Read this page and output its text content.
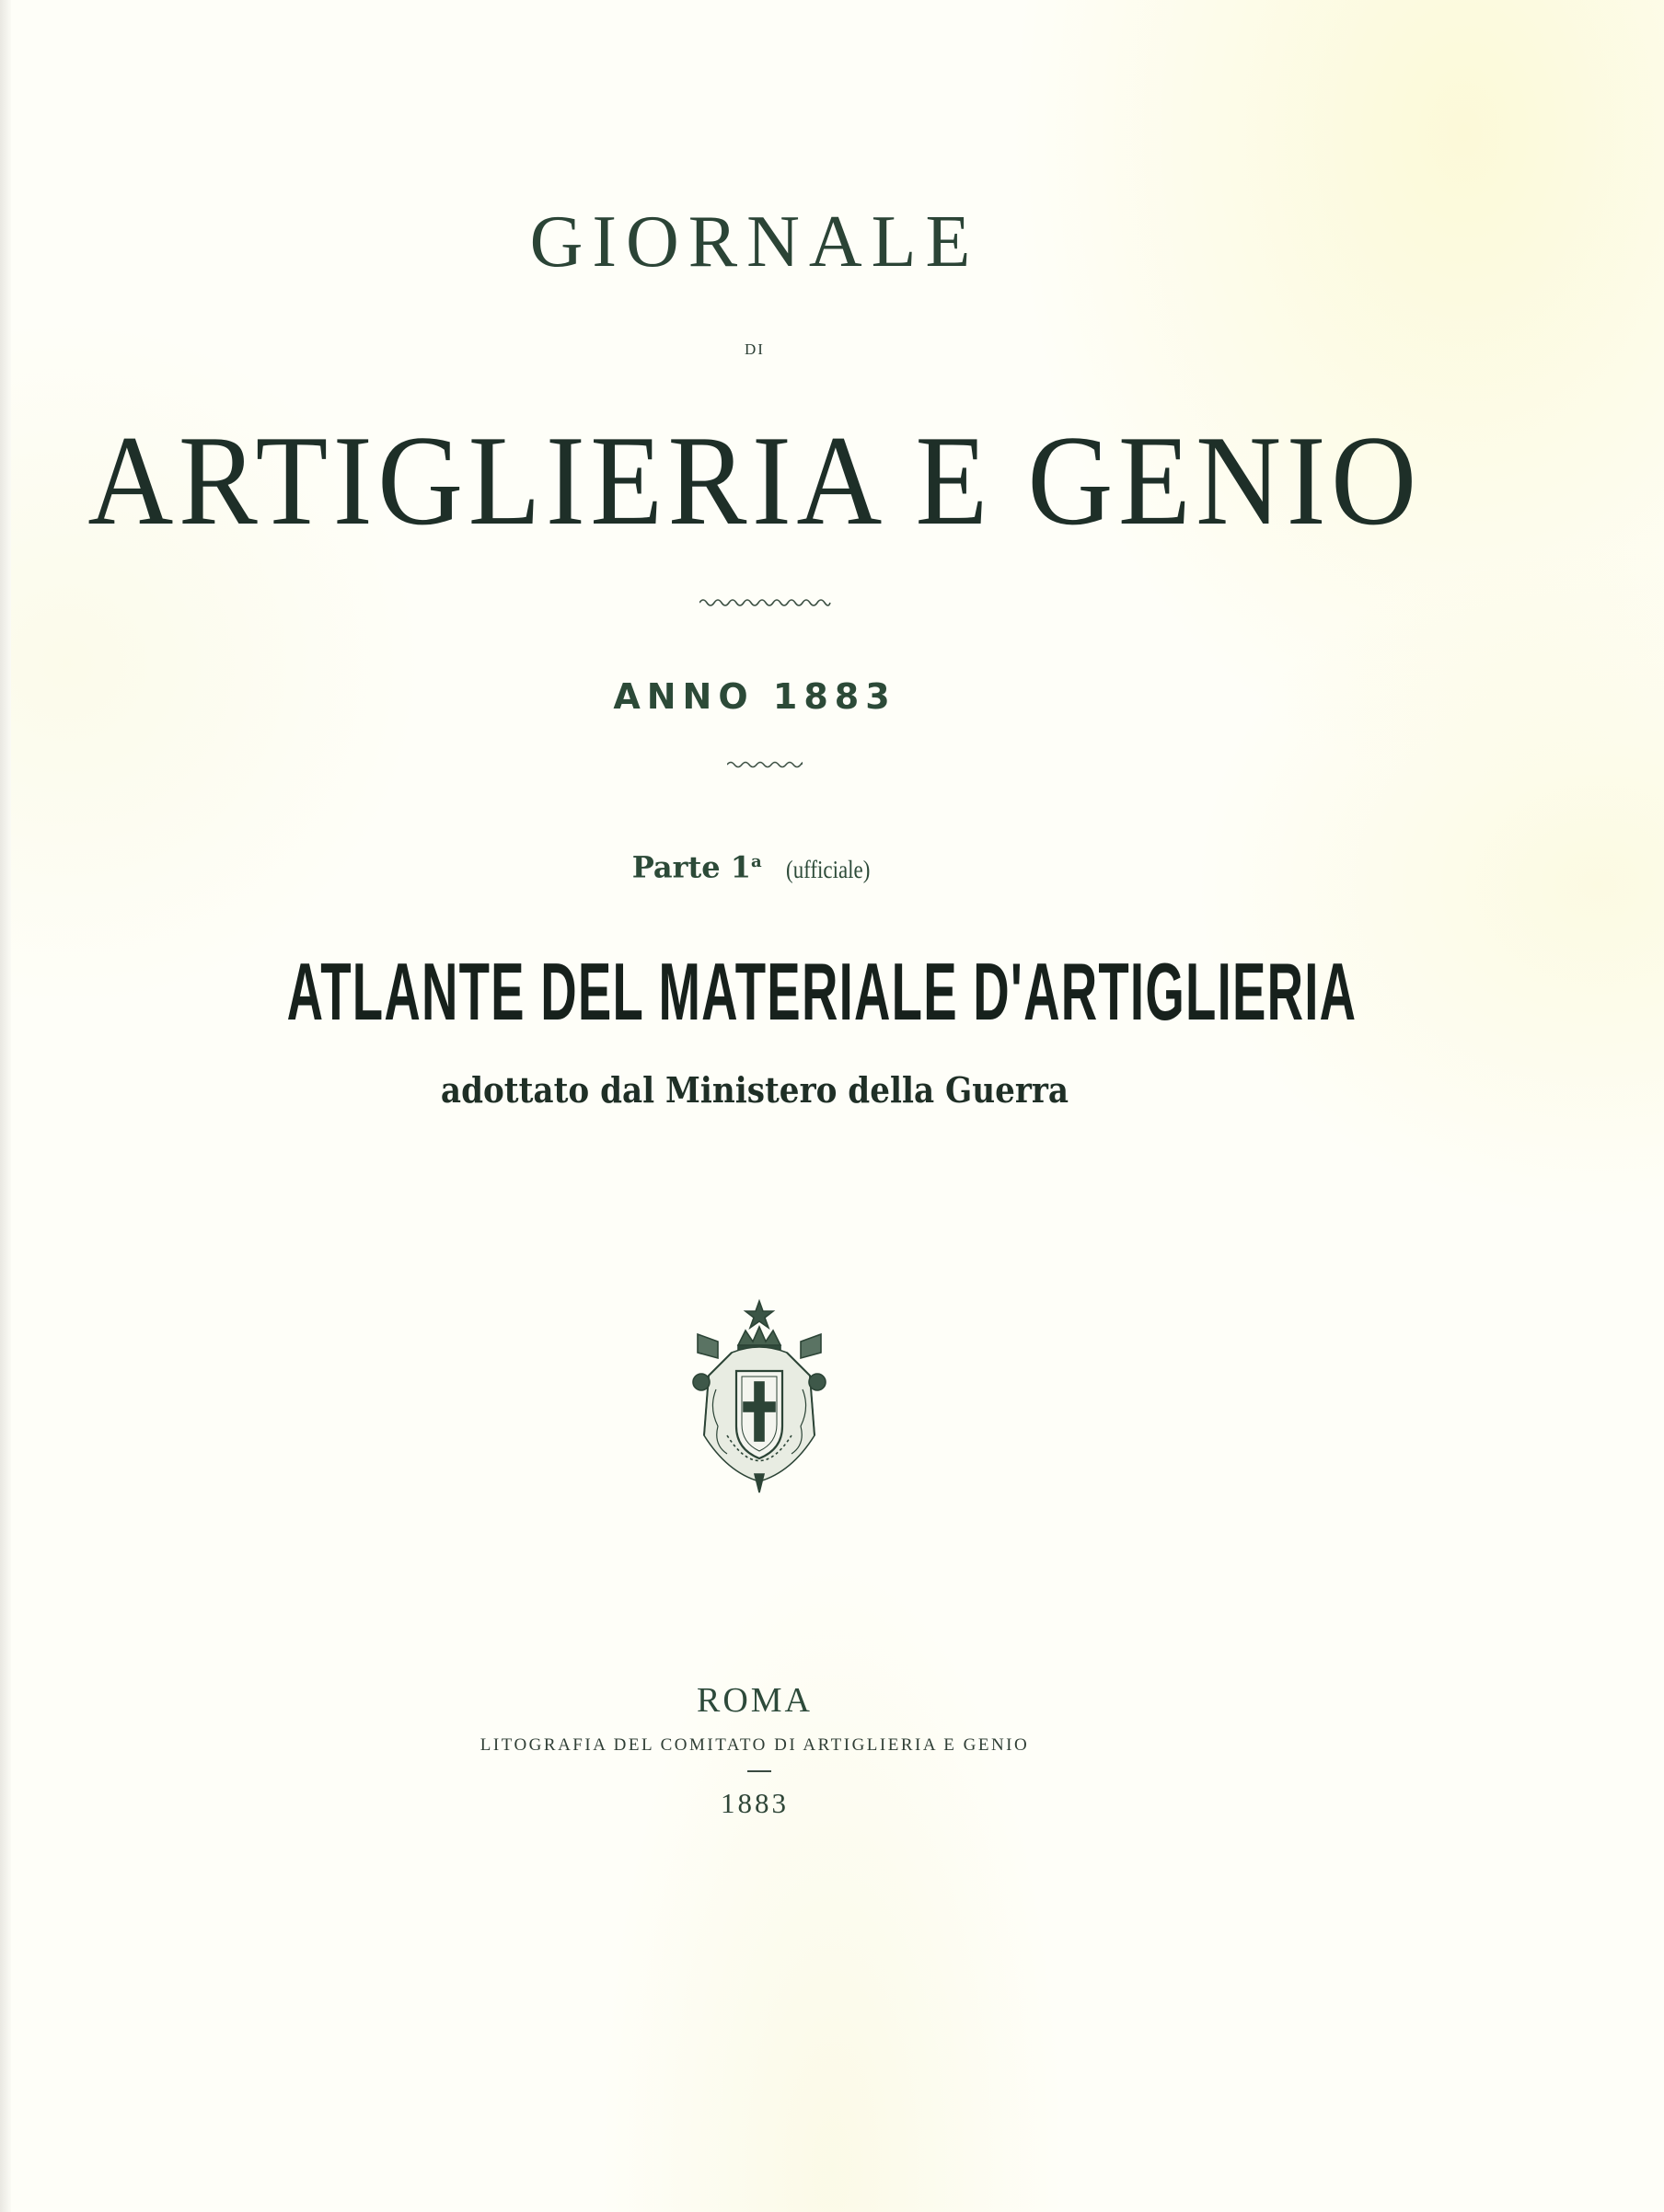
GIORNALE
DI
ARTIGLIERIA E GENIO
ANNO 1883
Parte 1$^a$ (ufficiale)
ATLANTE DEL MATERIALE D'ARTIGLIERIA
adottato dal Ministero della Guerra
ROMA
LITOGRAFIA DEL COMITATO DI ARTIGLIERIA E GENIO
1883
